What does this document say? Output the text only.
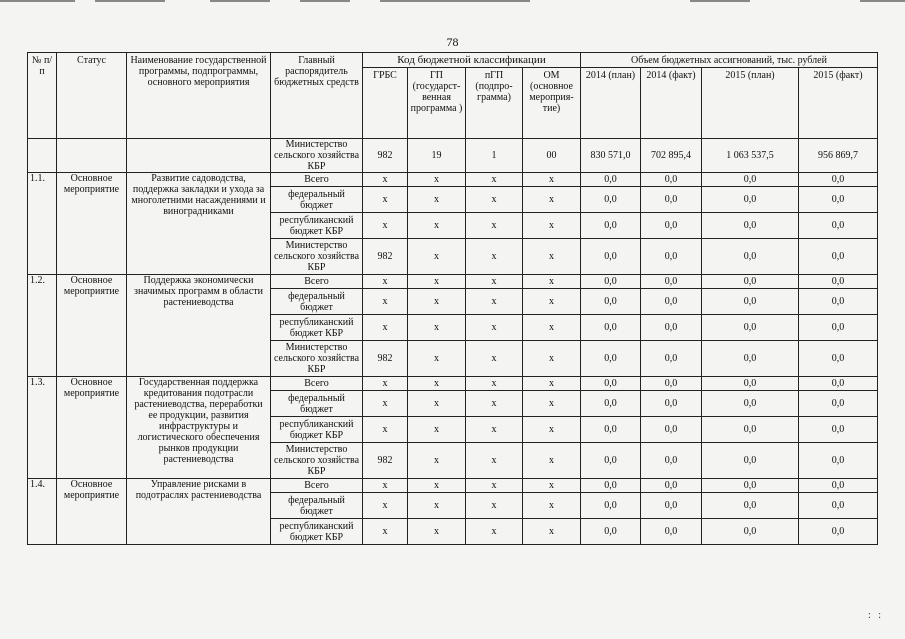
78
№ п/п	Статус	Наименование государственной программы, подпрограммы, основного мероприятия	Главный распорядитель бюджетных средств	Код бюджетной классификации				Объем бюджетных ассигнований, тыс. рублей			
				ГРБС	ГП (государст-венная программа )	пГП (подпро-грамма)	ОМ (основное мероприя-тие)	2014 (план)	2014 (факт)	2015 (план)	2015 (факт)
			Министерство сельского хозяйства КБР	982	19	1	00	830 571,0	702 895,4	1 063 537,5	956 869,7
1.1.	Основное мероприятие	Развитие садоводства, поддержка закладки и ухода за многолетними насаждениями и виноградниками	Всего	х	х	х	х	0,0	0,0	0,0	0,0
			федеральный бюджет	х	х	х	х	0,0	0,0	0,0	0,0
			республиканский бюджет КБР	х	х	х	х	0,0	0,0	0,0	0,0
			Министерство сельского хозяйства КБР	982	х	х	х	0,0	0,0	0,0	0,0
1.2.	Основное мероприятие	Поддержка экономически значимых программ в области растениеводства	Всего	х	х	х	х	0,0	0,0	0,0	0,0
			федеральный бюджет	х	х	х	х	0,0	0,0	0,0	0,0
			республиканский бюджет КБР	х	х	х	х	0,0	0,0	0,0	0,0
			Министерство сельского хозяйства КБР	982	х	х	х	0,0	0,0	0,0	0,0
1.3.	Основное мероприятие	Государственная поддержка кредитования подотрасли растениеводства, переработки ее продукции, развития инфраструктуры и логистического обеспечения рынков продукции растениеводства	Всего	х	х	х	х	0,0	0,0	0,0	0,0
			федеральный бюджет	х	х	х	х	0,0	0,0	0,0	0,0
			республиканский бюджет КБР	х	х	х	х	0,0	0,0	0,0	0,0
			Министерство сельского хозяйства КБР	982	х	х	х	0,0	0,0	0,0	0,0
1.4.	Основное мероприятие	Управление рисками в подотраслях растениеводства	Всего	х	х	х	х	0,0	0,0	0,0	0,0
			федеральный бюджет	х	х	х	х	0,0	0,0	0,0	0,0
			республиканский бюджет КБР	х	х	х	х	0,0	0,0	0,0	0,0
:   :
